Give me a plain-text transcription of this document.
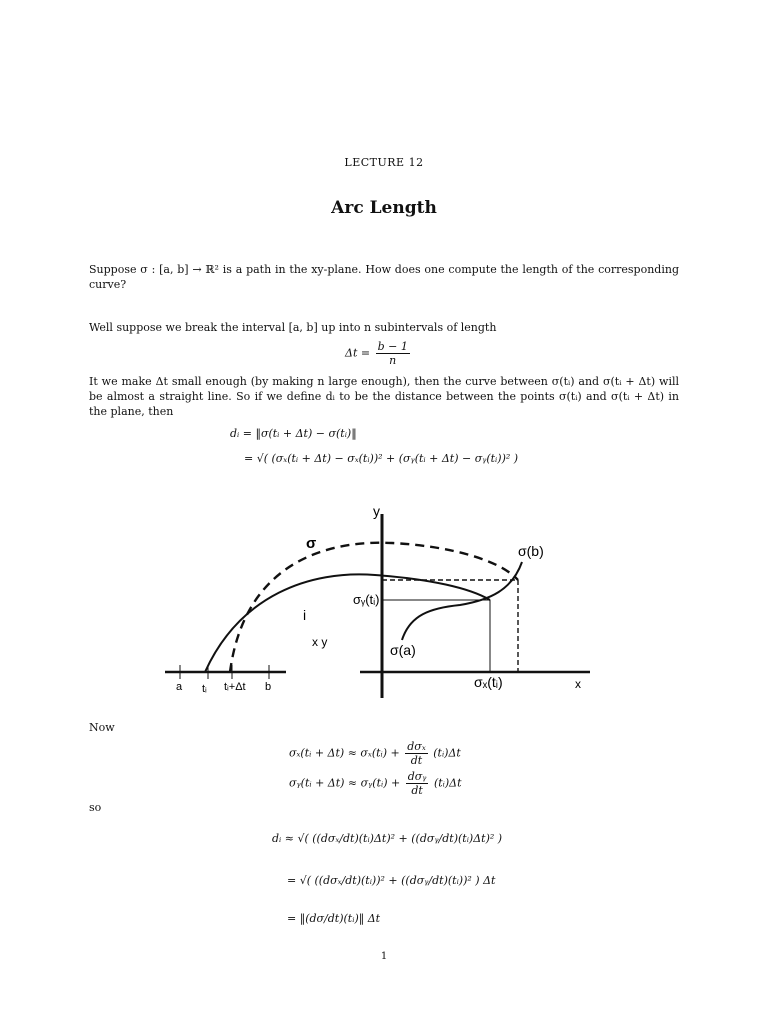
LECTURE 12
Arc Length
Suppose σ : [a, b] → ℝ² is a path in the xy-plane. How does one compute the length of the corresponding curve?
Well suppose we break the interval [a, b] up into n subintervals of length
$\Delta t = \frac{b - 1}{n}$
It we make Δt small enough (by making n large enough), then the curve between σ(tᵢ) and σ(tᵢ + Δt) will be almost a straight line. So if we define dᵢ to be the distance between the points σ(tᵢ) and σ(tᵢ + Δt) in the plane, then
dᵢ = ‖σ(tᵢ + Δt) − σ(tᵢ)‖
= √( (σₓ(tᵢ + Δt) − σₓ(tᵢ))² + (σᵧ(tᵢ + Δt) − σᵧ(tᵢ))² )
y
x
σ	σ(b)
σ(a)
σᵧ(tᵢ)
σₓ(tᵢ)
i
x y
a tᵢ tᵢ+Δt b
Now
σₓ(tᵢ + Δt) ≈ σₓ(tᵢ) + $\frac{\text{dσₓ}}{dt}$ (tᵢ)Δt
σᵧ(tᵢ + Δt) ≈ σᵧ(tᵢ) + $\frac{\text{dσᵧ}}{dt}$ (tᵢ)Δt
so
dᵢ ≈ √( ((dσₓ/dt)(tᵢ)Δt)² + ((dσᵧ/dt)(tᵢ)Δt)² )
= √( ((dσₓ/dt)(tᵢ))² + ((dσᵧ/dt)(tᵢ))² ) Δt
= ‖(dσ/dt)(tᵢ)‖ Δt
1
